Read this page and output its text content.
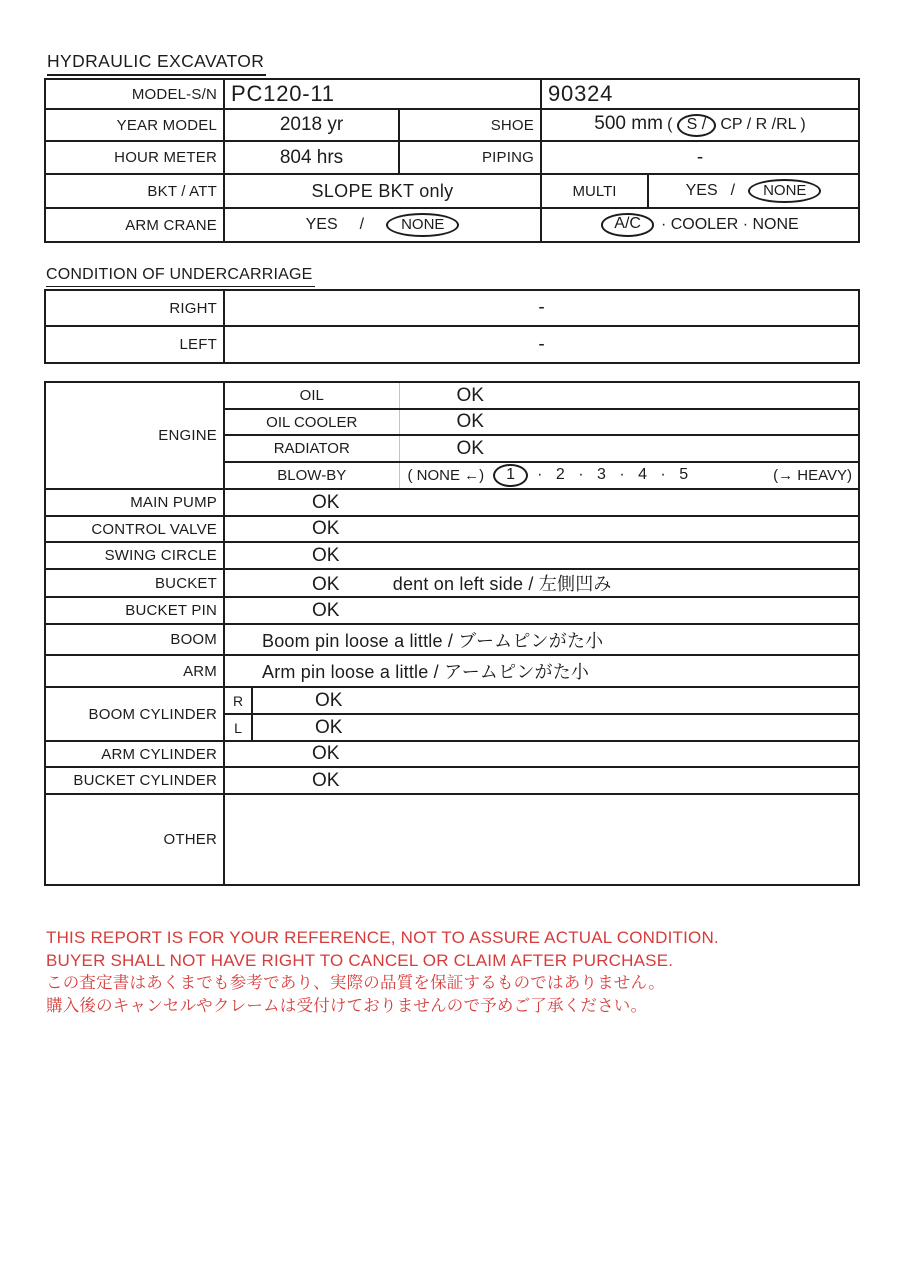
HYDRAULIC EXCAVATOR
MODEL-S/N	PC120-11		90324	
YEAR MODEL	2018 yr	SHOE	500 mm ( S / CP / R /RL )	
HOUR METER	804 hrs	PIPING	-	
BKT / ATT	SLOPE BKT only		MULTI	YES / NONE

ARM CRANE	YES / NONE		A/C · COOLER · NONE	
CONDITION OF UNDERCARRIAGE
RIGHT	-
LEFT	-
ENGINE	OIL		OK
	OIL COOLER		OK
	RADIATOR		OK
	BLOW-BY		( NONE ←) 1 · 2 · 3 · 4 · 5 (→ HEAVY)

MAIN PUMP	OK		
CONTROL VALVE	OK		
SWING CIRCLE	OK		
BUCKET	OK dent on left side / 左側凹み		
BUCKET PIN	OK		
BOOM	Boom pin loose a little / ブームピンがた小		
ARM	Arm pin loose a little / アームピンがた小		
BOOM CYLINDER	R	OK	
	L	OK	
ARM CYLINDER	OK		
BUCKET CYLINDER	OK		
OTHER			
THIS REPORT IS FOR YOUR REFERENCE, NOT TO ASSURE ACTUAL CONDITION.
BUYER SHALL NOT HAVE RIGHT TO CANCEL OR CLAIM AFTER PURCHASE.
この査定書はあくまでも参考であり、実際の品質を保証するものではありません。
購入後のキャンセルやクレームは受付けておりませんので予めご了承ください。
